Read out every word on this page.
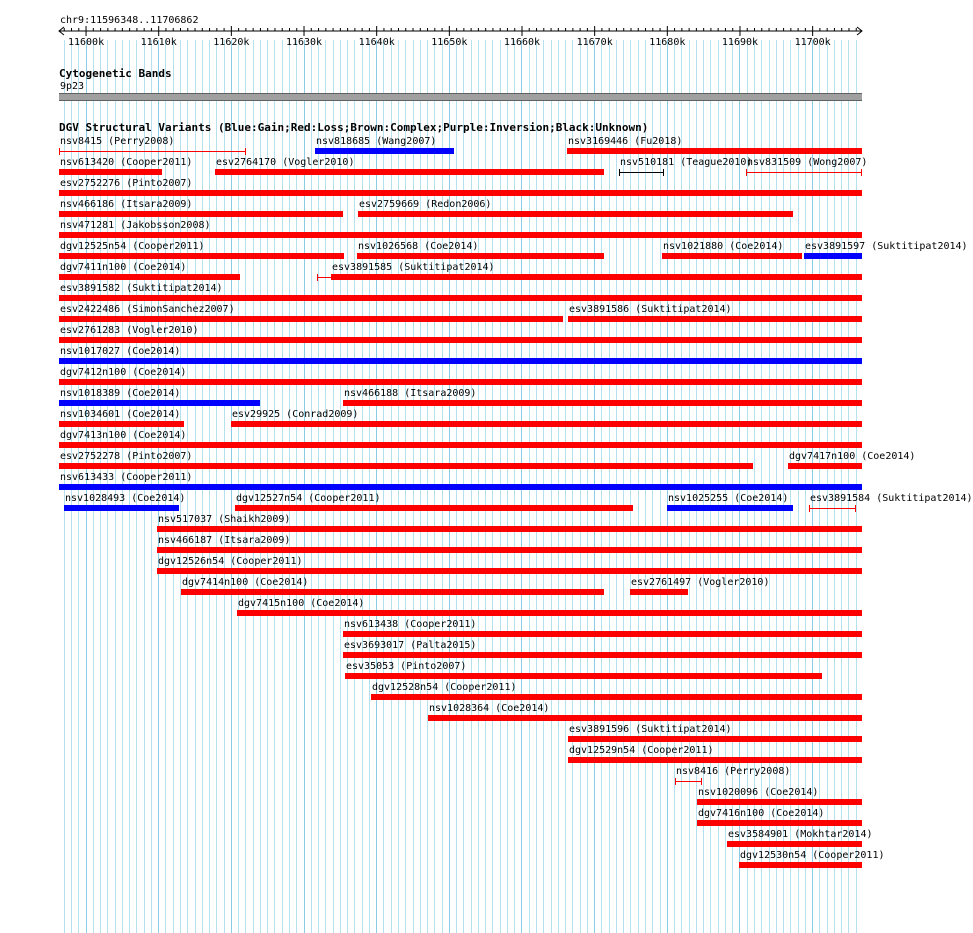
chr9:11596348..11706862
11600k	11610k	11620k	11630k	11640k	11650k	11660k	11670k	11680k	11690k	11700k
Cytogenetic Bands
9p23
DGV Structural Variants (Blue:Gain;Red:Loss;Brown:Complex;Purple:Inversion;Black:Unknown)
nsv8415 (Perry2008)	nsv818685 (Wang2007)	nsv3169446 (Fu2018)
nsv613420 (Cooper2011) esv2764170 (Vogler2010)	nsv510181 (Teague2010)
nsv831509 (Wong2007)
esv2752276 (Pinto2007)
nsv466186 (Itsara2009)	esv2759669 (Redon2006)
nsv471281 (Jakobsson2008)
dgv12525n54 (Cooper2011)	nsv1026568 (Coe2014)	nsv1021880 (Coe2014) esv3891597 (Suktitipat2014)
dgv7411n100 (Coe2014)	esv3891585 (Suktitipat2014)
esv3891582 (Suktitipat2014)
esv2422486 (SimonSanchez2007)	esv3891586 (Suktitipat2014)
esv2761283 (Vogler2010)
nsv1017027 (Coe2014)
dgv7412n100 (Coe2014)
nsv1018389 (Coe2014)	nsv466188 (Itsara2009)
nsv1034601 (Coe2014)	esv29925 (Conrad2009)
dgv7413n100 (Coe2014)
esv2752278 (Pinto2007)	dgv7417n100 (Coe2014)
nsv613433 (Cooper2011)
nsv1028493 (Coe2014)	dgv12527n54 (Cooper2011)	nsv1025255 (Coe2014) esv3891584 (Suktitipat2014)
nsv517037 (Shaikh2009)
nsv466187 (Itsara2009)
dgv12526n54 (Cooper2011)
dgv7414n100 (Coe2014)	esv2761497 (Vogler2010)
dgv7415n100 (Coe2014)
nsv613438 (Cooper2011)
esv3693017 (Palta2015)
esv35053 (Pinto2007)
dgv12528n54 (Cooper2011)
nsv1028364 (Coe2014)
esv3891596 (Suktitipat2014)
dgv12529n54 (Cooper2011)
nsv8416 (Perry2008)
nsv1020096 (Coe2014)
dgv7416n100 (Coe2014)
esv3584901 (Mokhtar2014)
dgv12530n54 (Cooper2011)
